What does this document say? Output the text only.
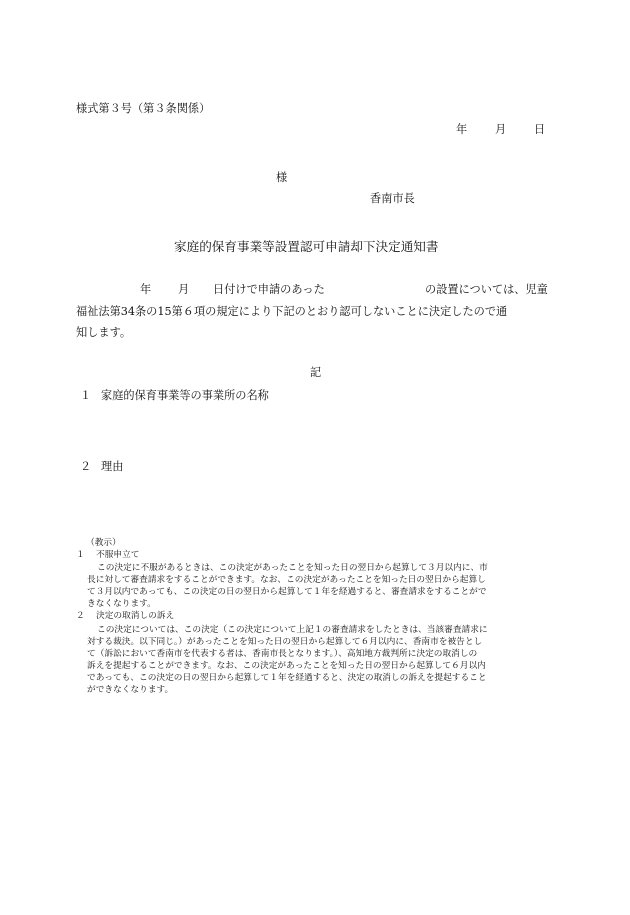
様式第３号（第３条関係）
年 月 日
様
香南市長
家庭的保育事業等設置認可申請却下決定通知書
年 月 日付けで申請のあった	の設置については、児童
福祉法第34条の15第６項の規定により下記のとおり認可しないことに決定したので通
知します。
記
１ 家庭的保育事業等の事業所の名称
２ 理由
（教示）
１ 不服申立て
この決定に不服があるときは、この決定があったことを知った日の翌日から起算して３月以内に、市
長に対して審査請求をすることができます。なお、この決定があったことを知った日の翌日から起算し
て３月以内であっても、この決定の日の翌日から起算して１年を経過すると、審査請求をすることがで
きなくなります。
２ 決定の取消しの訴え
この決定については、この決定（この決定について上記１の審査請求をしたときは、当該審査請求に
対する裁決。以下同じ。）があったことを知った日の翌日から起算して６月以内に、香南市を被告とし
て（訴訟において香南市を代表する者は、香南市長となります。）、高知地方裁判所に決定の取消しの
訴えを提起することができます。なお、この決定があったことを知った日の翌日から起算して６月以内
であっても、この決定の日の翌日から起算して１年を経過すると、決定の取消しの訴えを提起すること
ができなくなります。
